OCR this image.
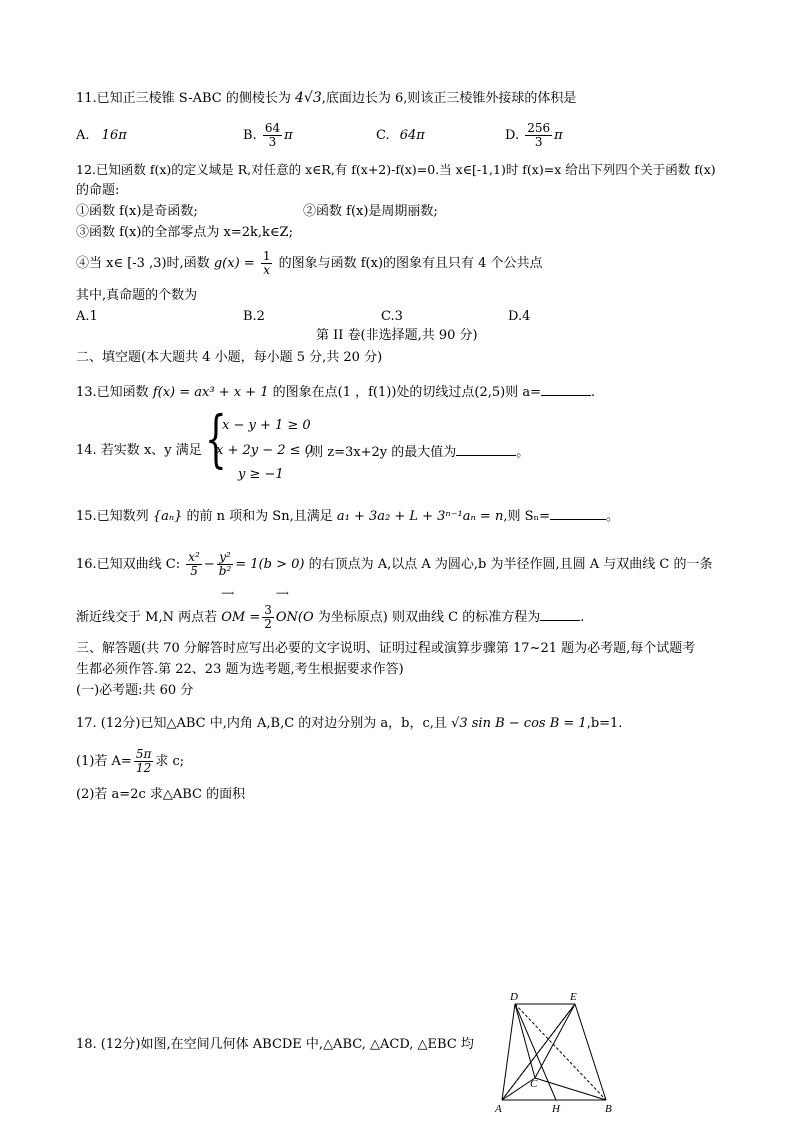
11.已知正三棱锥 S-ABC 的侧棱长为 4√3,底面边长为 6,则该正三棱锥外接球的体积是
A. 16π	B. $\frac{64}{3}$ π	C. 64π	D. $\frac{256}{3}$ π
12.已知函数 f(x)的定义域是 R,对任意的 x∈R,有 f(x+2)-f(x)=0.当 x∈[-1,1)时 f(x)=x 给出下列四个关于函数 f(x)
的命题:
①函数 f(x)是奇函数;	②函数 f(x)是周期丽数;
③函数 f(x)的全部零点为 x=2k,k∈Z;
④当 x∈ [-3 ,3)时,函数 $g(x) = \frac{1}{x}$ 的图象与函数 f(x)的图象有且只有 4 个公共点
其中,真命题的个数为
A.1	B.2	C.3	D.4
第 II 卷(非选择题,共 90 分)
二、填空题(本大题共 4 小题，每小题 5 分,共 20 分)
13.已知函数 f(x) = ax³ + x + 1 的图象在点(1 ，f(1))处的切线过点(2,5)则 a=	.
14. 若实数 x、y 满足 {
x − y + 1 ≥ 0
x + 2y − 2 ≤ 0
y ≥ −1
,则 z=3x+2y 的最大值为	。
15.已知数列 {aₙ} 的前 n 项和为 Sn,且满足 a₁ + 3a₂ + L + 3ⁿ⁻¹aₙ = n,则 Sₙ=	。
16.已知双曲线 C: $\frac{\text{x²}}{5} - \frac{\text{y²}}{\text{b²}} = 1(b > 0)$ 的右顶点为 A,以点 A 为圆心,b 为半径作圆,且圆 A 与双曲线 C 的一条
渐近线交于 M,N 两点若
⟶
OM = $\frac{3}{2}$
⟶
ON(O 为坐标原点) 则双曲线 C 的标准方程为	.
三、解答题(共 70 分解答时应写出必要的文字说明、证明过程或演算步骤第 17~21 题为必考题,每个试题考
生都必须作答.第 22、23 题为选考题,考生根据要求作答)
(一)必考题:共 60 分
17. (12分)已知△ABC 中,内角 A,B,C 的对边分别为 a，b，c,且 √3 sin B − cos B = 1,b=1.
(1)若 $A= \frac{5\pi}{12}$ 求 c;
(2)若 a=2c 求△ABC 的面积
18. (12分)如图,在空间几何体 ABCDE 中,△ABC, △ACD, △EBC 均
D	E
C
A	H	B
